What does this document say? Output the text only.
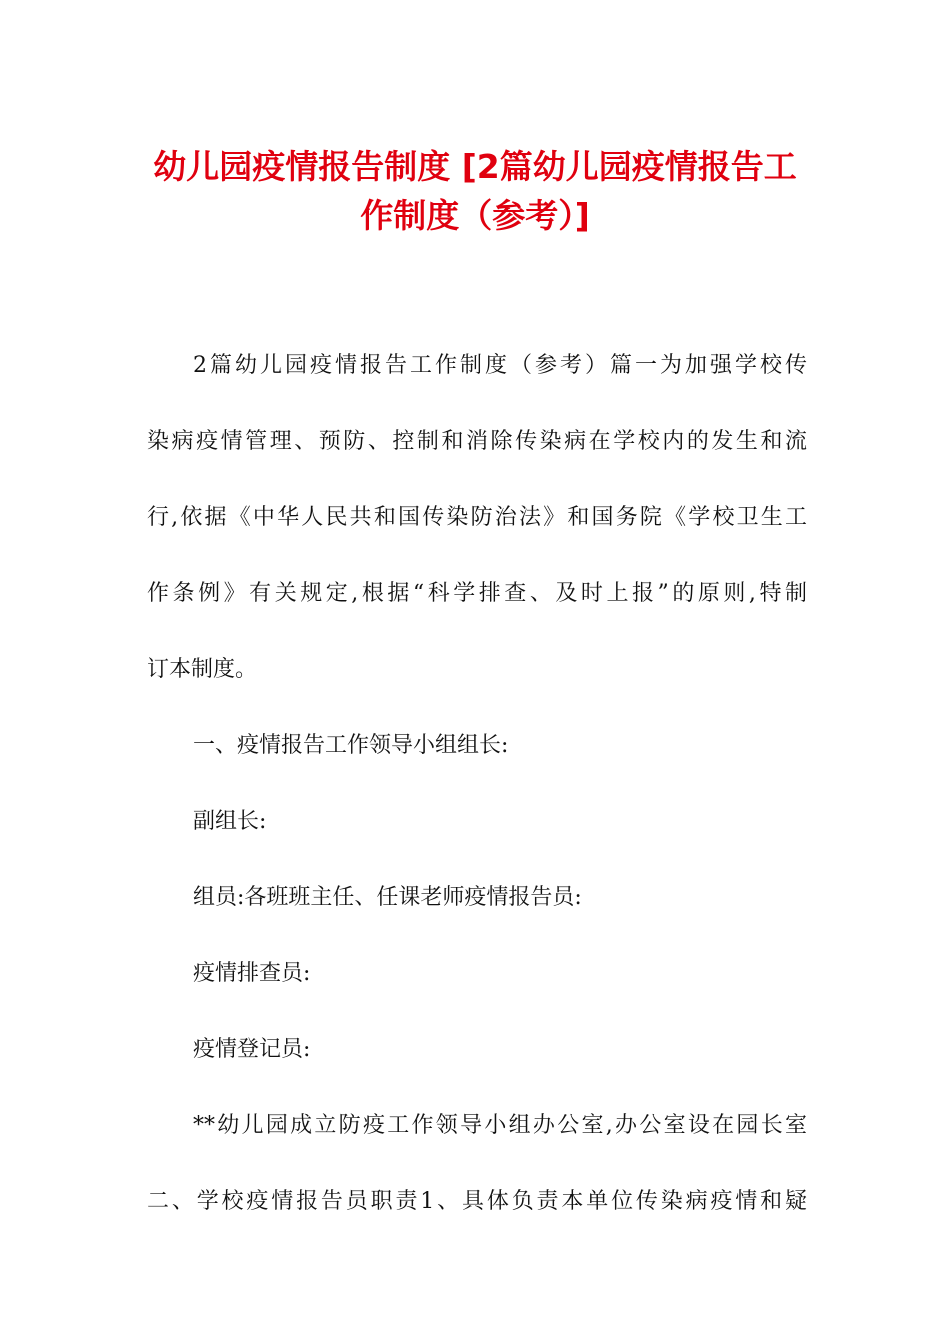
幼儿园疫情报告制度 [2篇幼儿园疫情报告工
作制度（参考）]
2篇幼儿园疫情报告工作制度（参考）篇一为加强学校传
染病疫情管理、预防、控制和消除传染病在学校内的发生和流
行,依据《中华人民共和国传染防治法》和国务院《学校卫生工
作条例》有关规定,根据“科学排查、及时上报”的原则,特制
订本制度。
一、疫情报告工作领导小组组长:
副组长:
组员:各班班主任、任课老师疫情报告员:
疫情排查员:
疫情登记员:
**幼儿园成立防疫工作领导小组办公室,办公室设在园长室
二、学校疫情报告员职责1、具体负责本单位传染病疫情和疑
